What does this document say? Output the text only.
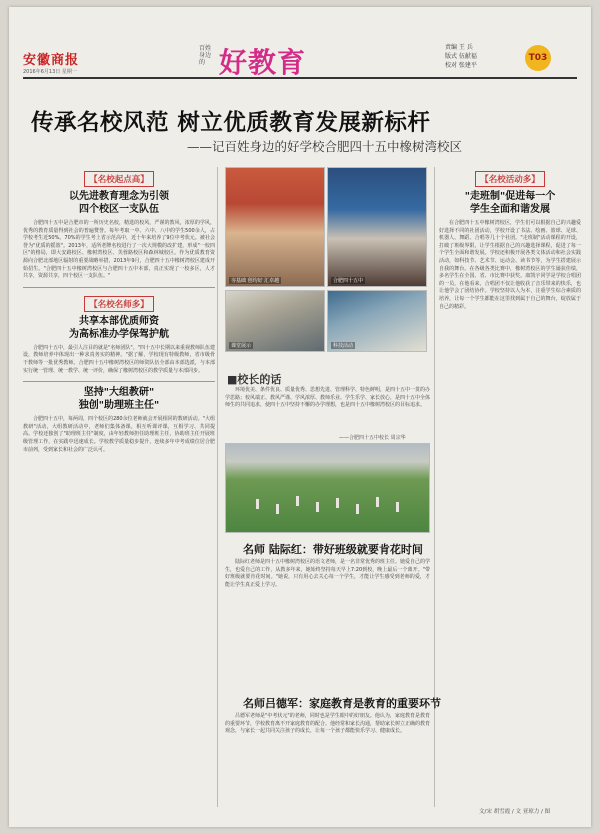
安徽商报
2016年6月13日 星期一
百姓身边的 好教育	责编 王 兵
版式 伍献福
校对 张建平
T03
传承名校风范 树立优质教育发展新标杆
——记百姓身边的好学校合肥四十五中橡树湾校区
【名校起点高】
以先进教育理念为引领
四个校区一支队伍
合肥四十五中是合肥市的一所历史名校，精选的校风，严谨的教风，浓厚的学风，优秀的教育质量得到社会的普遍赞誉。每年考取一中、六中、八中的学生500余人，占学校考生近50%。70%的学生考上省示范高中，近十年来培养了9位中考状元。被社会誉为"优质的摇篮"。2013年，适所老牌名校进行了一次大规模的改扩建，形成"一校四区"的格局，即大安路校区、橡树湾校区、芙蓉路校区和森林城校区。作为优质教育资源向合肥北部地区辐射的重要战略举措，2013年9月，合肥四十五中橡树湾校区建成开始招生。"合肥四十五中橡树湾校区与合肥四十五中本部，真正实现了一校多区，人才共享，资源共享，四个校区一支队伍。"
【名校名师多】
共享本部优质师资
为高标准办学保驾护航
合肥四十五中，最引人注目的就是"名师团队"。"四十五中长期以来重视教师队伍建设，教师培养中体现出一种求真务实的精神。"据了解，学校现有特级教师，省市级骨干教师等一批优秀教师。合肥四十五中橡树湾校区的师资队伍全部由本部选派，与本部实行统一管理、统一教学、统一评价，确保了橡树湾校区的教学质量与本部同步。
坚持"大组教研"
独创"助理班主任"
合肥四十五中，每两周，四个校区的280余位老师就会开展相同的教研活动。"大组教研"活动，大组教研活动中，老师们集体备课，相互听课评课，互相学习、共同提高。学校还独创了"助理班主任"制度，由年轻教师担任助理班主任，协助班主任开展班级管理工作，在实践中迅速成长。学校教学质量稳步提升，连续多年中考成绩位居合肥市前列，受到家长和社会的广泛认可。
夯基础 创均好 汇卓越	合肥四十五中
课堂展示	科技活动
■校长的话
环境优美、条件优良、质量优秀、思想先进、管理科学、特色鲜明，是四十五中一贯的办学思路；校风端正、教风严谨、学风浓厚、教师乐业、学生乐学、家长放心，是四十五中全体师生的共同追求，使四十五中坚持不懈的办学理想，也是四十五中橡树湾校区的目标追求。
——合肥四十五中校长 周宗华
名师 陆际红：带好班级就要肯花时间
陆际红老师是四十五中橡树湾校区的语文老师，是一名非常优秀的班主任。她爱自己的学生，也爱自己的工作，从教多年来，她始终坚持每天早上7:20到校，晚上最后一个离开。"带好班级就要肯花时间。"她说，只有用心去关心每一个学生，才能让学生感受到老师的爱，才能让学生真正爱上学习。
名师吕德军：家庭教育是教育的重要环节
吕德军老师是"中考状元"的老师，同时也是学生眼中的好朋友。他认为，家庭教育是教育的重要环节，学校教育离不开家庭教育的配合。他经常和家长沟通，帮助家长树立正确的教育观念，与家长一起共同关注孩子的成长，让每一个孩子都能快乐学习、健康成长。
【名校活动多】
"走班制"促进每一个
学生全面和谐发展
在合肥四十五中橡树湾校区，学生们可以根据自己的兴趣爱好选择不同的社团活动，学校开设了书法、绘画、篮球、足球、机器人、舞蹈、合唱等几十个社团。"走班制"活动课程的开设，打破了班级界限，让学生根据自己的兴趣选择课程，促进了每一个学生全面和谐发展。学校还积极开展各类文体活动和社会实践活动，如科技节、艺术节、运动会、读书节等，为学生搭建展示自我的舞台。在各级各类比赛中，橡树湾校区的学生屡获佳绩，多名学生在全国、省、市比赛中获奖。康凯宇同学是学校合唱团的一员，在他看来，合唱团不仅让他收获了音乐带来的快乐，也让他学会了团结协作。学校坚持以人为本，注重学生综合素质的培养，让每一个学生都能在这里找到属于自己的舞台，绽放属于自己的精彩。
文/宋 胡雪霞 / 文 亚琼力 / 图
